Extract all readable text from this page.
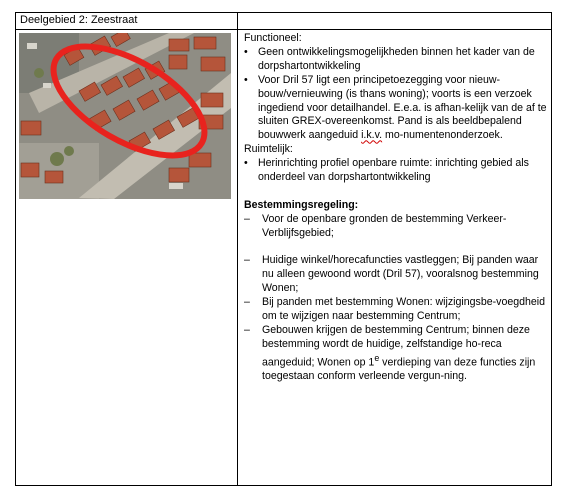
Deelgebied 2: Zeestraat

Functioneel:

• Geen ontwikkelingsmogelijkheden binnen het kader van de dorpshartontwikkeling
• Voor Dril 57 ligt een principetoezegging voor nieuw-bouw/vernieuwing (is thans woning); voorts is een verzoek ingediend voor detailhandel. E.e.a. is afhan-kelijk van de af te sluiten GREX-overeenkomst. Pand is als beeldbepalend bouwwerk aangeduid i.k.v. mo-numentenonderzoek.

Ruimtelijk:

• Herinrichting profiel openbare ruimte: inrichting gebied als onderdeel van dorpshartontwikkeling

Bestemmingsregeling:

– Voor de openbare gronden de bestemming Verkeer-Verblijfsgebied;
– Huidige winkel/horecafuncties vastleggen; Bij panden waar nu alleen gewoond wordt (Dril 57), vooralsnog bestemming Wonen;
– Bij panden met bestemming Wonen: wijzigingsbe-voegdheid om te wijzigen naar bestemming Centrum;
– Gebouwen krijgen de bestemming Centrum; binnen deze bestemming wordt de huidige, zelfstandige ho-reca aangeduid; Wonen op 1e verdieping van deze functies zijn toegestaan conform verleende vergun-ning.
